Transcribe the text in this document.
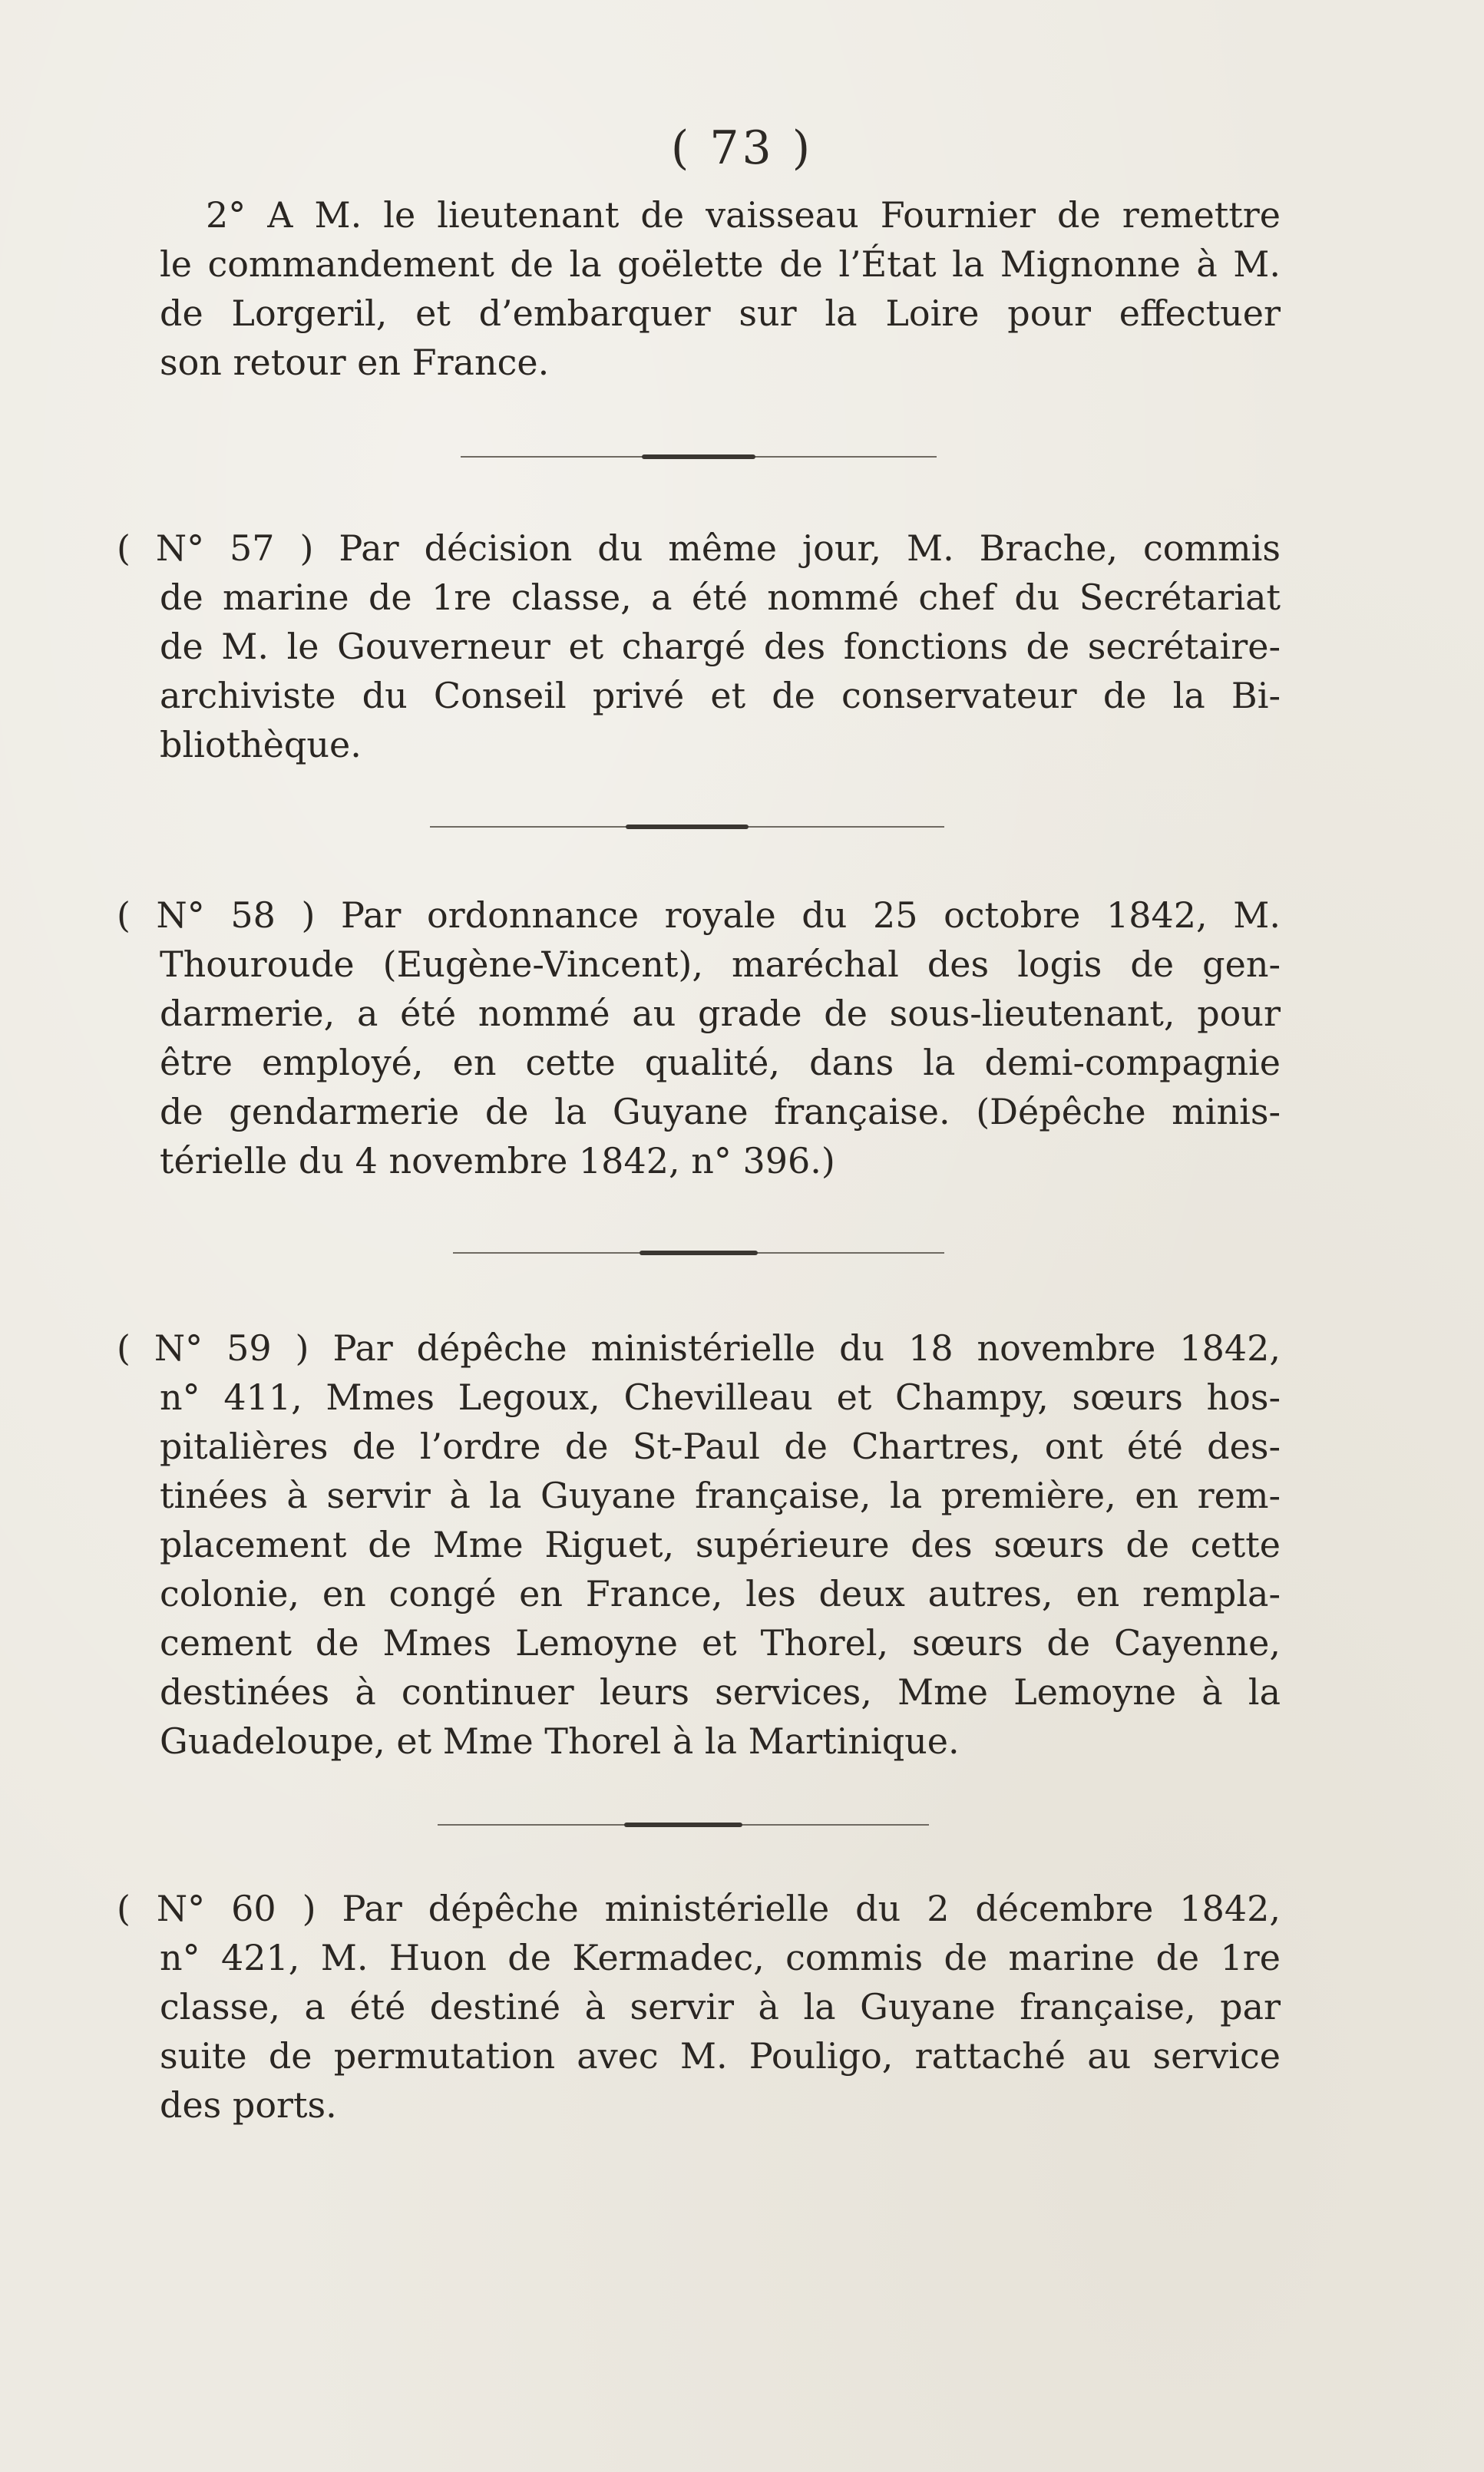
( 73 )
2° A M. le lieutenant de vaisseau Fournier de remettre
le commandement de la goëlette de l’État la Mignonne à M.
de Lorgeril, et d’embarquer sur la Loire pour effectuer
son retour en France.
( N° 57 ) Par décision du même jour, M. Brache, commis
de marine de 1re classe, a été nommé chef du Secrétariat
de M. le Gouverneur et chargé des fonctions de secrétaire-
archiviste du Conseil privé et de conservateur de la Bi-
bliothèque.
( N° 58 ) Par ordonnance royale du 25 octobre 1842, M.
Thouroude (Eugène-Vincent), maréchal des logis de gen-
darmerie, a été nommé au grade de sous-lieutenant, pour
être employé, en cette qualité, dans la demi-compagnie
de gendarmerie de la Guyane française. (Dépêche minis-
térielle du 4 novembre 1842, n° 396.)
( N° 59 ) Par dépêche ministérielle du 18 novembre 1842,
n° 411, Mmes Legoux, Chevilleau et Champy, sœurs hos-
pitalières de l’ordre de St-Paul de Chartres, ont été des-
tinées à servir à la Guyane française, la première, en rem-
placement de Mme Riguet, supérieure des sœurs de cette
colonie, en congé en France, les deux autres, en rempla-
cement de Mmes Lemoyne et Thorel, sœurs de Cayenne,
destinées à continuer leurs services, Mme Lemoyne à la
Guadeloupe, et Mme Thorel à la Martinique.
( N° 60 ) Par dépêche ministérielle du 2 décembre 1842,
n° 421, M. Huon de Kermadec, commis de marine de 1re
classe, a été destiné à servir à la Guyane française, par
suite de permutation avec M. Pouligo, rattaché au service
des ports.
